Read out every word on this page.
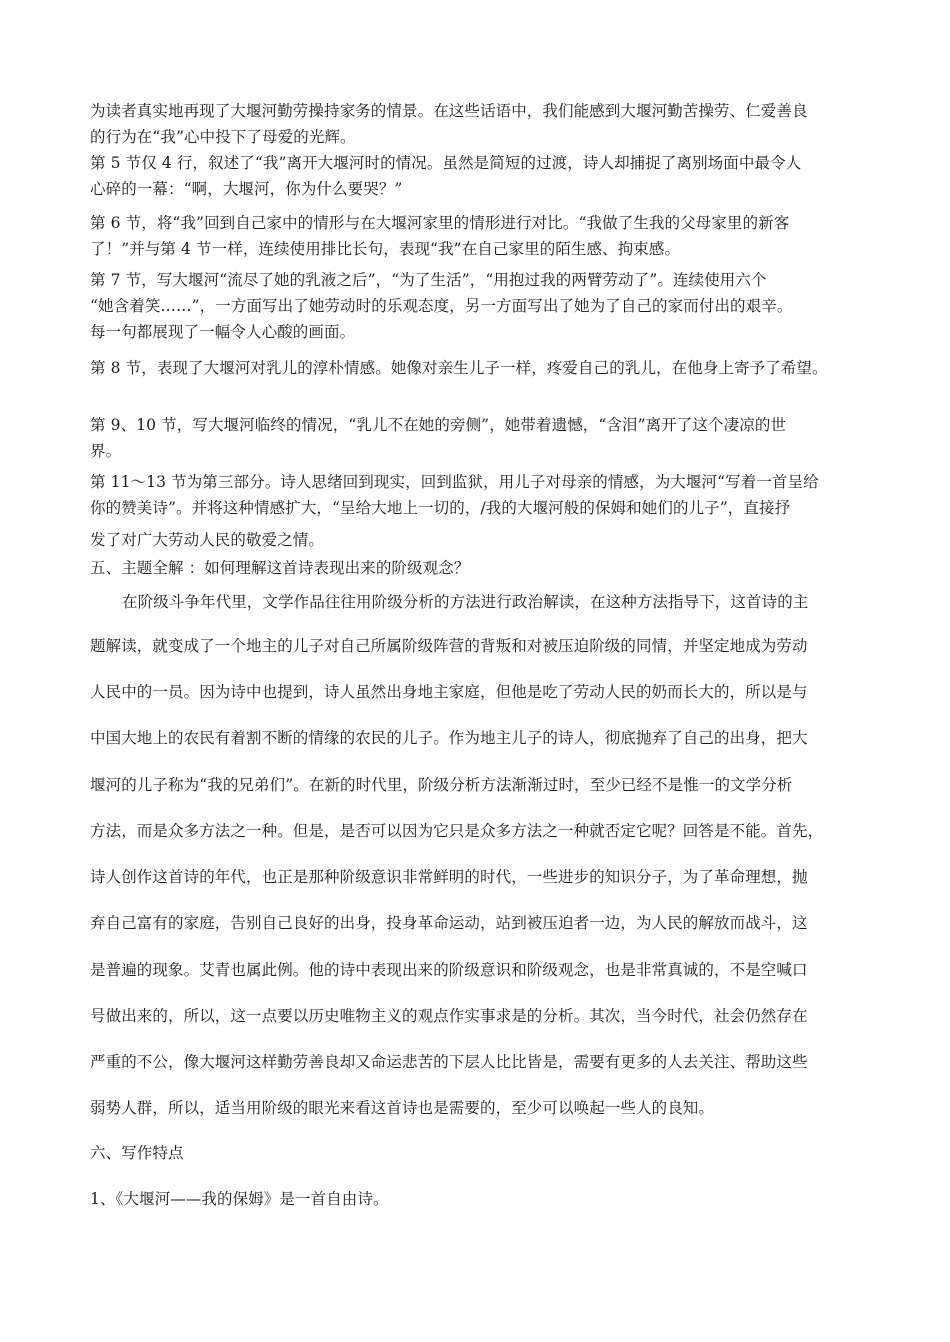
为读者真实地再现了大堰河勤劳操持家务的情景。在这些话语中，我们能感到大堰河勤苦操劳、仁爱善良
的行为在“我”心中投下了母爱的光辉。
第 5 节仅 4 行，叙述了“我”离开大堰河时的情况。虽然是简短的过渡，诗人却捕捉了离别场面中最令人
心碎的一幕：“啊，大堰河，你为什么要哭？”
第 6 节，将“我”回到自己家中的情形与在大堰河家里的情形进行对比。“我做了生我的父母家里的新客
了！”并与第 4 节一样，连续使用排比长句，表现“我”在自己家里的陌生感、拘束感。
第 7 节，写大堰河“流尽了她的乳液之后”，“为了生活”，“用抱过我的两臂劳动了”。连续使用六个
“她含着笑……”，一方面写出了她劳动时的乐观态度，另一方面写出了她为了自己的家而付出的艰辛。
每一句都展现了一幅令人心酸的画面。
第 8 节，表现了大堰河对乳儿的淳朴情感。她像对亲生儿子一样，疼爱自己的乳儿，在他身上寄予了希望。
第 9、10 节，写大堰河临终的情况，“乳儿不在她的旁侧”，她带着遗憾，“含泪”离开了这个凄凉的世
界。
第 11～13 节为第三部分。诗人思绪回到现实，回到监狱，用儿子对母亲的情感，为大堰河“写着一首呈给
你的赞美诗”。并将这种情感扩大，“呈给大地上一切的，/我的大堰河般的保姆和她们的儿子”，直接抒
发了对广大劳动人民的敬爱之情。
五、主题全解 ：如何理解这首诗表现出来的阶级观念？
在阶级斗争年代里，文学作品往往用阶级分析的方法进行政治解读，在这种方法指导下，这首诗的主
题解读，就变成了一个地主的儿子对自己所属阶级阵营的背叛和对被压迫阶级的同情，并坚定地成为劳动
人民中的一员。因为诗中也提到，诗人虽然出身地主家庭，但他是吃了劳动人民的奶而长大的，所以是与
中国大地上的农民有着割不断的情缘的农民的儿子。作为地主儿子的诗人，彻底抛弃了自己的出身，把大
堰河的儿子称为“我的兄弟们”。在新的时代里，阶级分析方法渐渐过时，至少已经不是惟一的文学分析
方法，而是众多方法之一种。但是，是否可以因为它只是众多方法之一种就否定它呢？回答是不能。首先，
诗人创作这首诗的年代，也正是那种阶级意识非常鲜明的时代，一些进步的知识分子，为了革命理想，抛
弃自己富有的家庭，告别自己良好的出身，投身革命运动，站到被压迫者一边，为人民的解放而战斗，这
是普遍的现象。艾青也属此例。他的诗中表现出来的阶级意识和阶级观念，也是非常真诚的，不是空喊口
号做出来的，所以，这一点要以历史唯物主义的观点作实事求是的分析。其次，当今时代，社会仍然存在
严重的不公，像大堰河这样勤劳善良却又命运悲苦的下层人比比皆是，需要有更多的人去关注、帮助这些
弱势人群，所以，适当用阶级的眼光来看这首诗也是需要的，至少可以唤起一些人的良知。
六、写作特点
1、《大堰河——我的保姆》是一首自由诗。
